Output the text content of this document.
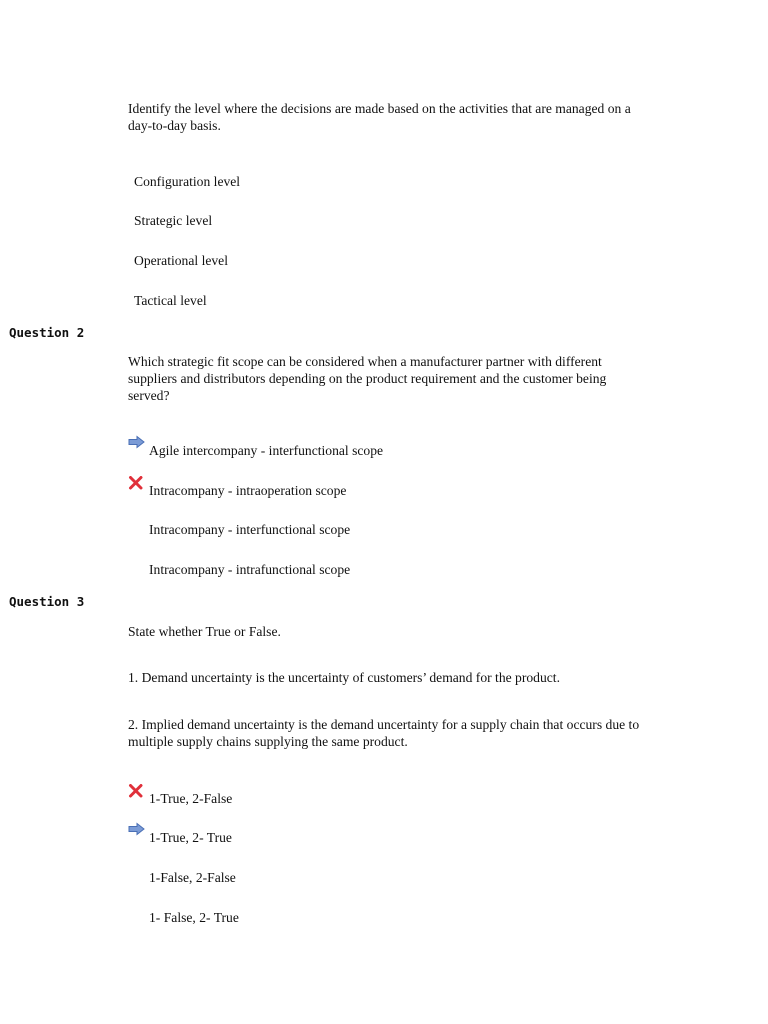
Identify the level where the decisions are made based on the activities that are managed on a day-to-day basis.
Configuration level
Strategic level
Operational level
Tactical level
Question 2
Which strategic fit scope can be considered when a manufacturer partner with different suppliers and distributors depending on the product requirement and the customer being served?
Agile intercompany - interfunctional scope
Intracompany - intraoperation scope
Intracompany - interfunctional scope
Intracompany - intrafunctional scope
Question 3
State whether True or False.
1. Demand uncertainty is the uncertainty of customers’ demand for the product.
2. Implied demand uncertainty is the demand uncertainty for a supply chain that occurs due to multiple supply chains supplying the same product.
1-True, 2-False
1-True, 2- True
1-False, 2-False
1- False, 2- True
